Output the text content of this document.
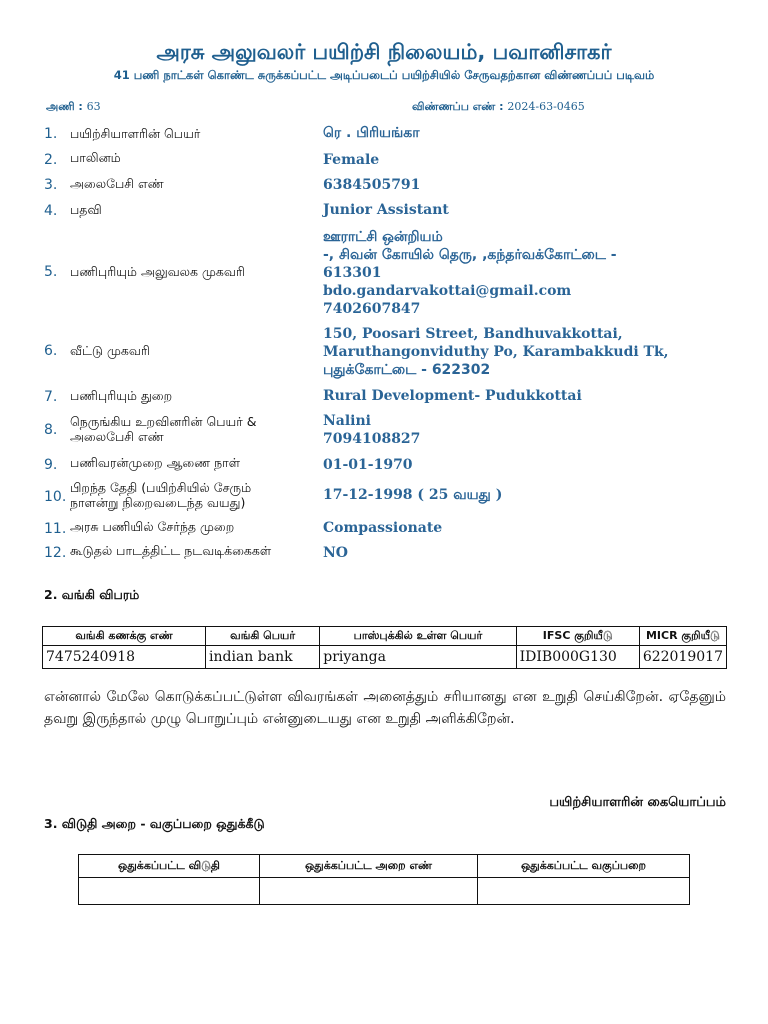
அரசு அலுவலர் பயிற்சி நிலையம், பவானிசாகர்
41 பணி நாட்கள் கொண்ட சுருக்கப்பட்ட அடிப்படைப் பயிற்சியில் சேருவதற்கான விண்ணப்பப் படிவம்
அணி : 63	விண்ணப்ப எண் : 2024-63-0465
1.	பயிற்சியாளரின் பெயர்	ரெ . பிரியங்கா
2.	பாலினம்	Female
3.	அலைபேசி எண்	6384505791
4.	பதவி	Junior Assistant
5.	பணிபுரியும் அலுவலக முகவரி
ஊராட்சி ஒன்றியம்
-, சிவன் கோயில் தெரு, ,கந்தர்வக்கோட்டை -
613301
bdo.gandarvakottai@gmail.com
7402607847
6.	வீட்டு முகவரி
150, Poosari Street, Bandhuvakkottai,
Maruthangonviduthy Po, Karambakkudi Tk,
புதுக்கோட்டை - 622302
7.	பணிபுரியும் துறை	Rural Development- Pudukkottai
8.
நெருங்கிய உறவினரின் பெயர் &
அலைபேசி எண்
Nalini
7094108827
9.	பணிவரன்முறை ஆணை நாள்	01-01-1970
10.
பிறந்த தேதி (பயிற்சியில் சேரும்
நாளன்று நிறைவடைந்த வயது)	17-12-1998 ( 25 வயது )
11. அரசு பணியில் சேர்ந்த முறை	Compassionate
12. கூடுதல் பாடத்திட்ட நடவடிக்கைகள்	NO
2. வங்கி விபரம்
வங்கி கணக்கு எண்	வங்கி பெயர்	பாஸ்புக்கில் உள்ள பெயர்	IFSC குறியீடு	MICR குறியீடு
7475240918	indian bank	priyanga	IDIB000G130	622019017
என்னால் மேலே கொடுக்கப்பட்டுள்ள விவரங்கள் அனைத்தும் சரியானது என உறுதி செய்கிறேன். ஏதேனும் தவறு இருந்தால் முழு பொறுப்பும் என்னுடையது என உறுதி அளிக்கிறேன்.
பயிற்சியாளரின் கையொப்பம்
3. விடுதி அறை - வகுப்பறை ஒதுக்கீடு
ஒதுக்கப்பட்ட விடுதி	ஒதுக்கப்பட்ட அறை எண்	ஒதுக்கப்பட்ட வகுப்பறை
